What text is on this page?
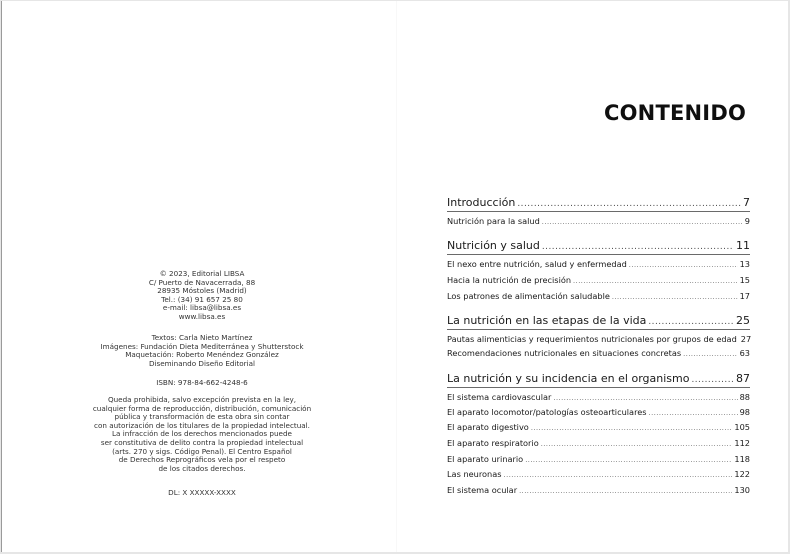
© 2023, Editorial LIBSA
C/ Puerto de Navacerrada, 88
28935 Móstoles (Madrid)
Tel.: (34) 91 657 25 80
e-mail: libsa@libsa.es
www.libsa.es
Textos: Carla Nieto Martínez
Imágenes: Fundación Dieta Mediterránea y Shutterstock
Maquetación: Roberto Menéndez González
Diseminando Diseño Editorial
ISBN: 978-84-662-4248-6
Queda prohibida, salvo excepción prevista en la ley,
cualquier forma de reproducción, distribución, comunicación
pública y transformación de esta obra sin contar
con autorización de los titulares de la propiedad intelectual.
La infracción de los derechos mencionados puede
ser constitutiva de delito contra la propiedad intelectual
(arts. 270 y sigs. Código Penal). El Centro Español
de Derechos Reprográficos vela por el respeto
de los citados derechos.
DL: X XXXXX-XXXX
CONTENIDO
Introducción .....	7
Nutrición para la salud .....	9
Nutrición y salud .....	11
El nexo entre nutrición, salud y enfermedad .....	13
Hacia la nutrición de precisión .....	15
Los patrones de alimentación saludable .....	17
La nutrición en las etapas de la vida .....	25
Pautas alimenticias y requerimientos nutricionales por grupos de edad 27
Recomendaciones nutricionales en situaciones concretas .....	63
La nutrición y su incidencia en el organismo .....	87
El sistema cardiovascular .....	88
El aparato locomotor/patologías osteoarticulares .....	98
El aparato digestivo .....	105
El aparato respiratorio .....	112
El aparato urinario .....	118
Las neuronas .....	122
El sistema ocular .....	130
